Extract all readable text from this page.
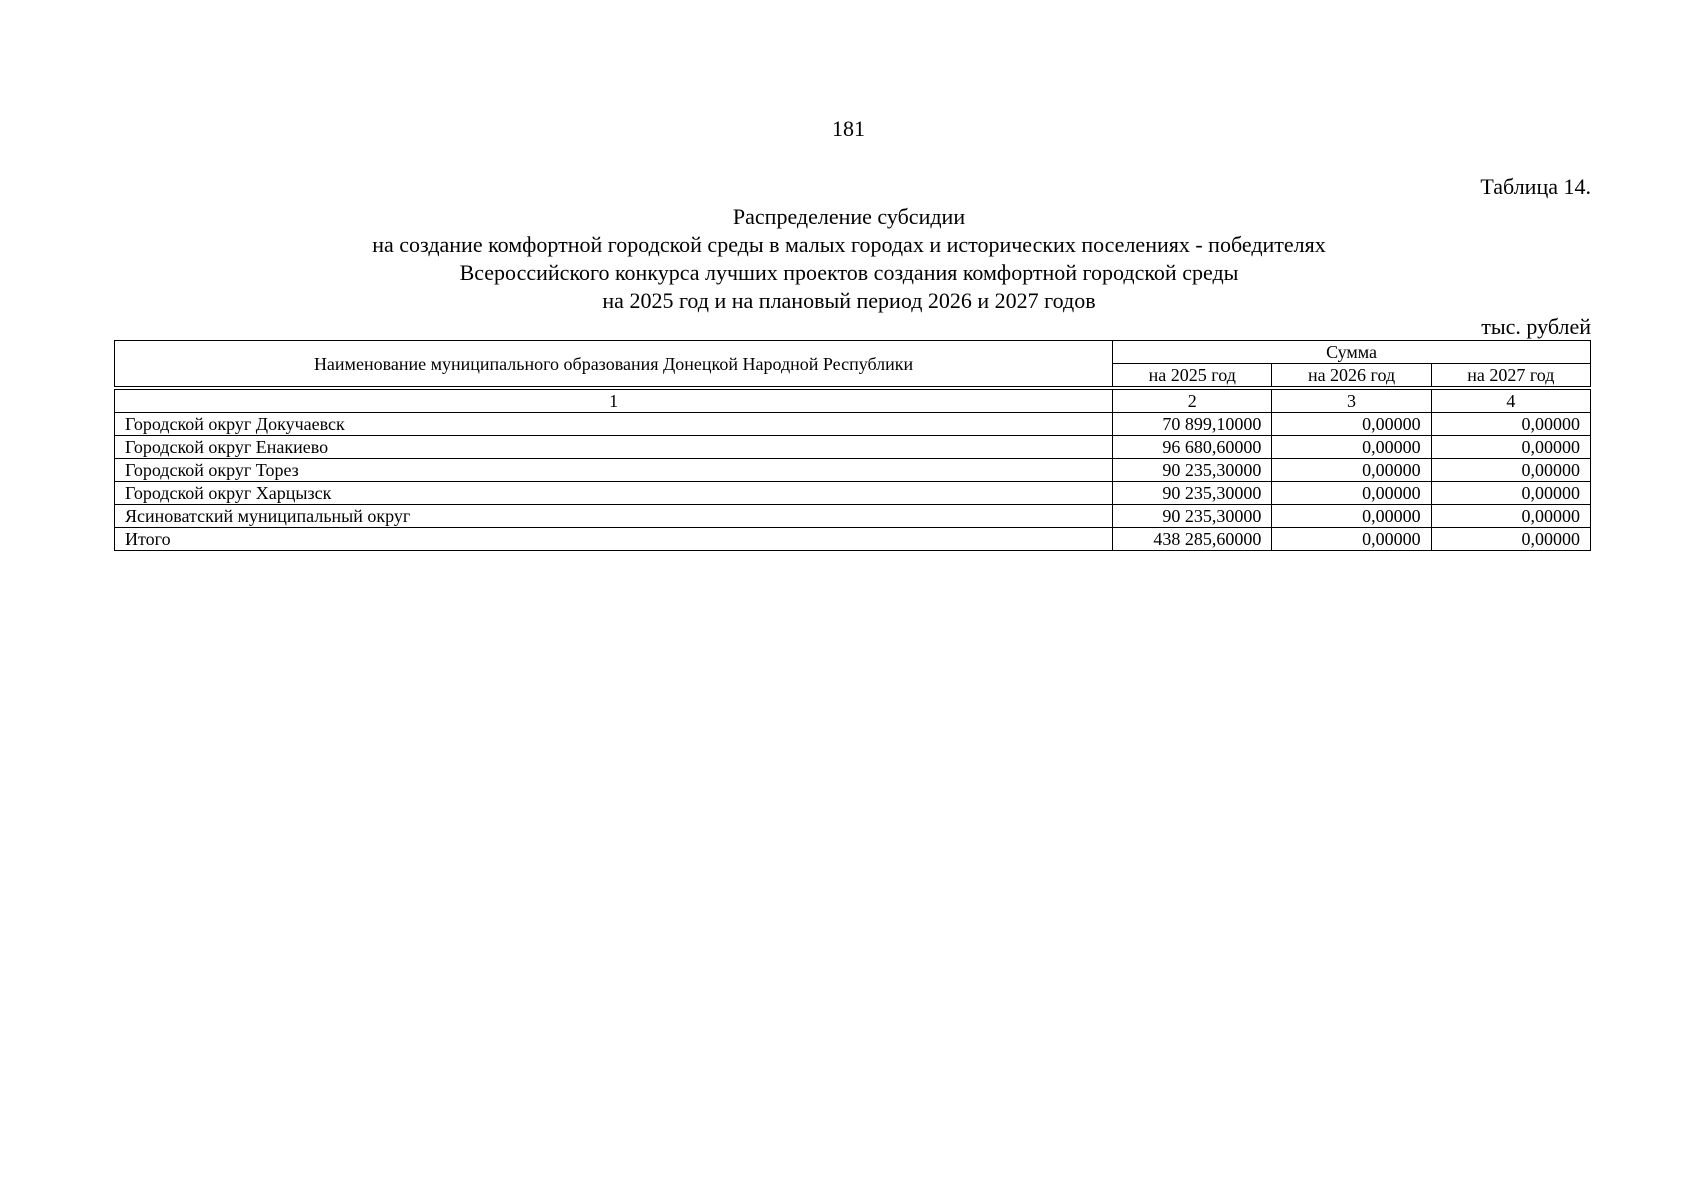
181
Таблица 14.
Распределение субсидии
на создание комфортной городской среды в малых городах и исторических поселениях - победителях
Всероссийского конкурса лучших проектов создания комфортной городской среды
на 2025 год и на плановый период 2026 и 2027 годов
тыс. рублей
Наименование муниципального образования Донецкой Народной Республики	Сумма		
	на 2025 год	на 2026 год	на 2027 год
1	2	3	4
Городской округ Докучаевск	70 899,10000	0,00000	0,00000
Городской округ Енакиево	96 680,60000	0,00000	0,00000
Городской округ Торез	90 235,30000	0,00000	0,00000
Городской округ Харцызск	90 235,30000	0,00000	0,00000
Ясиноватский муниципальный округ	90 235,30000	0,00000	0,00000
Итого	438 285,60000	0,00000	0,00000
